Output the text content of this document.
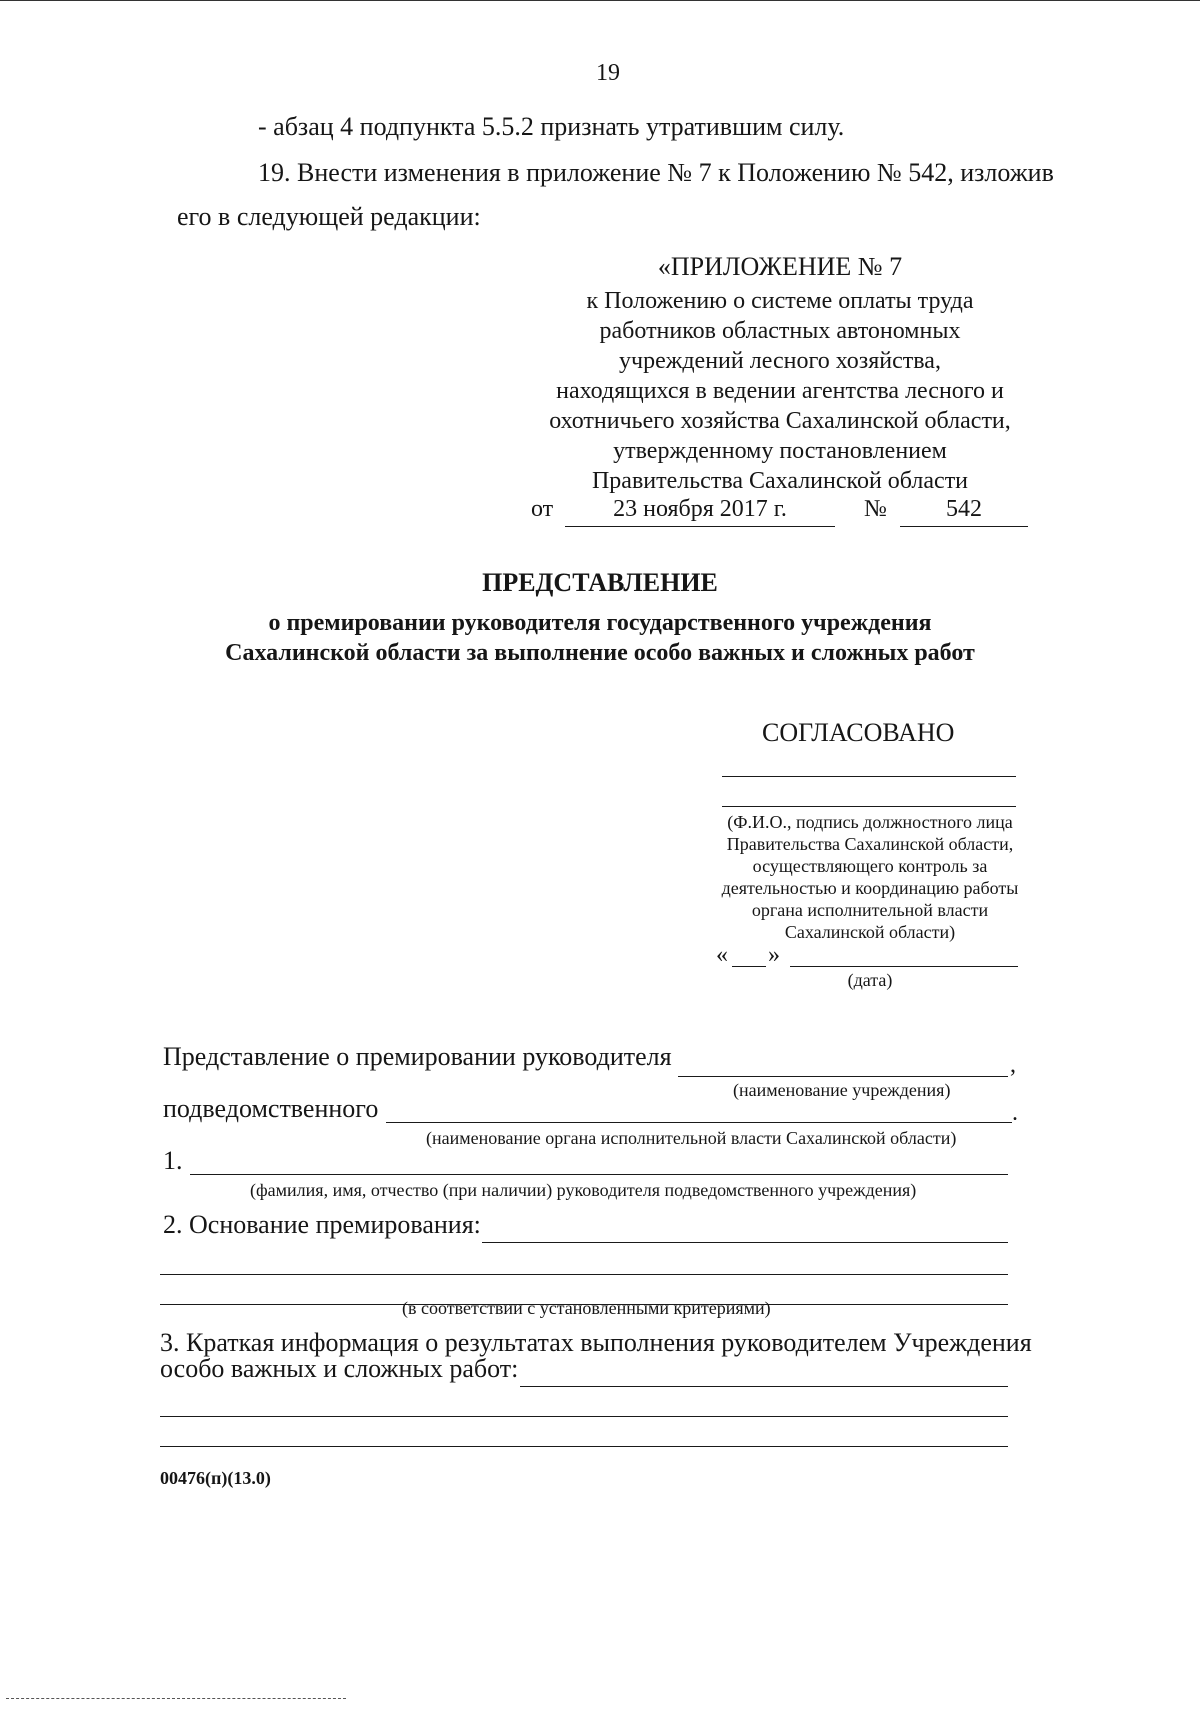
19
- абзац 4 подпункта 5.5.2 признать утратившим силу.
19. Внести изменения в приложение № 7 к Положению № 542, изложив
его в следующей редакции:
«ПРИЛОЖЕНИЕ № 7
к Положению о системе оплаты труда
работников областных автономных
учреждений лесного хозяйства,
находящихся в ведении агентства лесного и
охотничьего хозяйства Сахалинской области,
утвержденному постановлением
Правительства Сахалинской области
от	23 ноября 2017 г.	№	542
ПРЕДСТАВЛЕНИЕ
о премировании руководителя государственного учреждения
Сахалинской области за выполнение особо важных и сложных работ
СОГЛАСОВАНО
(Ф.И.О., подпись должностного лица
Правительства Сахалинской области,
осуществляющего контроль за
деятельностью и координацию работы
органа исполнительной власти
Сахалинской области)
« »
(дата)
Представление о премировании руководителя	,
(наименование учреждения)
подведомственного	.
(наименование органа исполнительной власти Сахалинской области)
1.
(фамилия, имя, отчество (при наличии) руководителя подведомственного учреждения)
2. Основание премирования:
(в соответствии с установленными критериями)
3. Краткая информация о результатах выполнения руководителем Учреждения
особо важных и сложных работ:
00476(п)(13.0)
